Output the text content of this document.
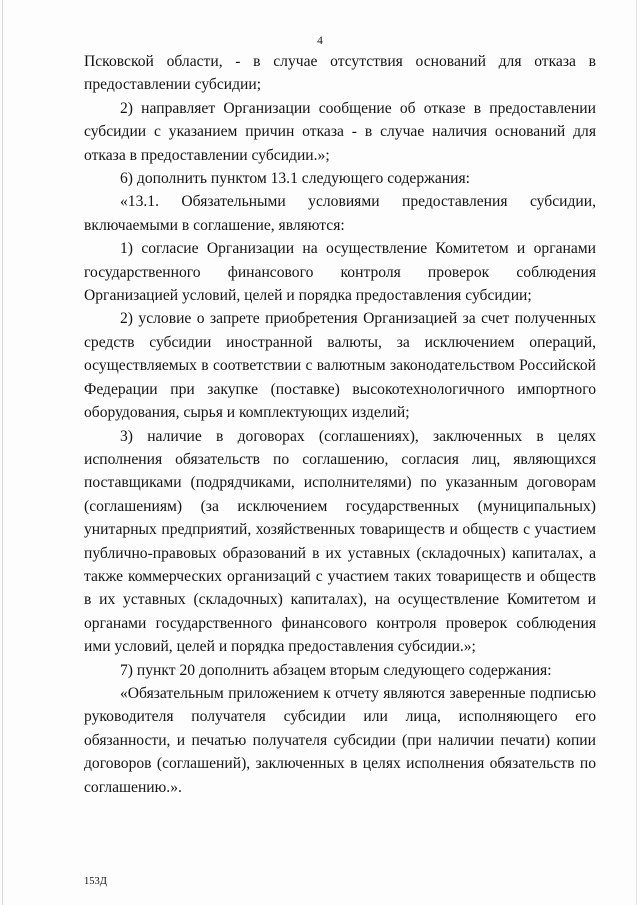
4

Псковской области, - в случае отсутствия оснований для отказа в предоставлении субсидии;

2) направляет Организации сообщение об отказе в предоставлении субсидии с указанием причин отказа - в случае наличия оснований для отказа в предоставлении субсидии.»;

6) дополнить пунктом 13.1 следующего содержания:

«13.1. Обязательными условиями предоставления субсидии, включаемыми в соглашение, являются:

1) согласие Организации на осуществление Комитетом и органами государственного финансового контроля проверок соблюдения Организацией условий, целей и порядка предоставления субсидии;

2) условие о запрете приобретения Организацией за счет полученных средств субсидии иностранной валюты, за исключением операций, осуществляемых в соответствии с валютным законодательством Российской Федерации при закупке (поставке) высокотехнологичного импортного оборудования, сырья и комплектующих изделий;

3) наличие в договорах (соглашениях), заключенных в целях исполнения обязательств по соглашению, согласия лиц, являющихся поставщиками (подрядчиками, исполнителями) по указанным договорам (соглашениям) (за исключением государственных (муниципальных) унитарных предприятий, хозяйственных товариществ и обществ с участием публично-правовых образований в их уставных (складочных) капиталах, а также коммерческих организаций с участием таких товариществ и обществ в их уставных (складочных) капиталах), на осуществление Комитетом и органами государственного финансового контроля проверок соблюдения ими условий, целей и порядка предоставления субсидии.»;

7) пункт 20 дополнить абзацем вторым следующего содержания:

«Обязательным приложением к отчету являются заверенные подписью руководителя получателя субсидии или лица, исполняющего его обязанности, и печатью получателя субсидии (при наличии печати) копии договоров (соглашений), заключенных в целях исполнения обязательств по соглашению.».

153Д
